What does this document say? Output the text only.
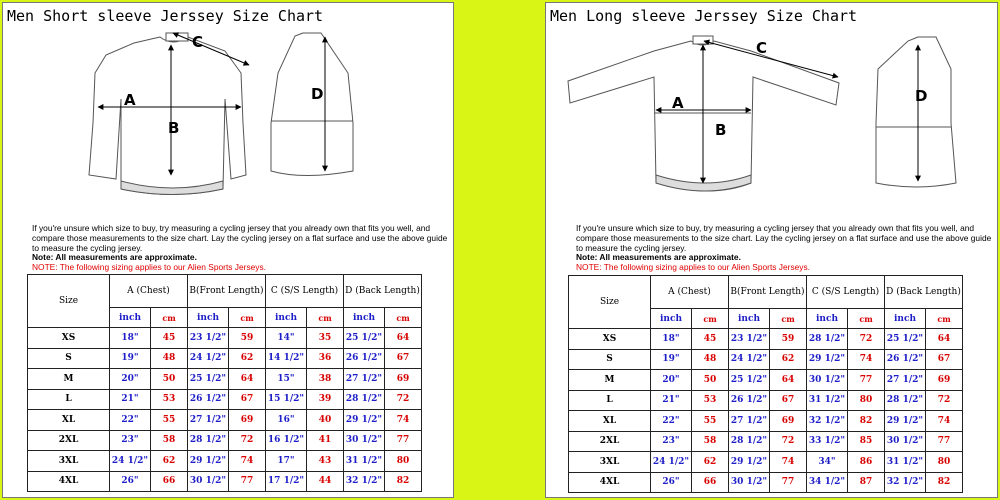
Men Short sleeve Jerssey Size Chart
A
B
C
D

If you're unsure which size to buy, try measuring a cycling jersey that you already own that fits you well, and compare those measurements to the size chart. Lay the cycling jersey on a flat surface and use the above guide to measure the cycling jersey.

Note: All measurements are approximate.

NOTE: The following sizing applies to our Alien Sports Jerseys.

Size	A (Chest)		B(Front Length)		C (S/S Length)		D (Back Length)	
	inch	cm	inch	cm	inch	cm	inch	cm
XS	18"	45	23 1/2"	59	14"	35	25 1/2"	64
S	19"	48	24 1/2"	62	14 1/2"	36	26 1/2"	67
M	20"	50	25 1/2"	64	15"	38	27 1/2"	69
L	21"	53	26 1/2"	67	15 1/2"	39	28 1/2"	72
XL	22"	55	27 1/2"	69	16"	40	29 1/2"	74
2XL	23"	58	28 1/2"	72	16 1/2"	41	30 1/2"	77
3XL	24 1/2"	62	29 1/2"	74	17"	43	31 1/2"	80
4XL	26"	66	30 1/2"	77	17 1/2"	44	32 1/2"	82
Men Long sleeve Jerssey Size Chart
A
B
C
D

If you're unsure which size to buy, try measuring a cycling jersey that you already own that fits you well, and compare those measurements to the size chart. Lay the cycling jersey on a flat surface and use the above guide to measure the cycling jersey.

Note: All measurements are approximate.

NOTE: The following sizing applies to our Alien Sports Jerseys.

Size	A (Chest)		B(Front Length)		C (S/S Length)		D (Back Length)	
	inch	cm	inch	cm	inch	cm	inch	cm
XS	18"	45	23 1/2"	59	28 1/2"	72	25 1/2"	64
S	19"	48	24 1/2"	62	29 1/2"	74	26 1/2"	67
M	20"	50	25 1/2"	64	30 1/2"	77	27 1/2"	69
L	21"	53	26 1/2"	67	31 1/2"	80	28 1/2"	72
XL	22"	55	27 1/2"	69	32 1/2"	82	29 1/2"	74
2XL	23"	58	28 1/2"	72	33 1/2"	85	30 1/2"	77
3XL	24 1/2"	62	29 1/2"	74	34"	86	31 1/2"	80
4XL	26"	66	30 1/2"	77	34 1/2"	87	32 1/2"	82
